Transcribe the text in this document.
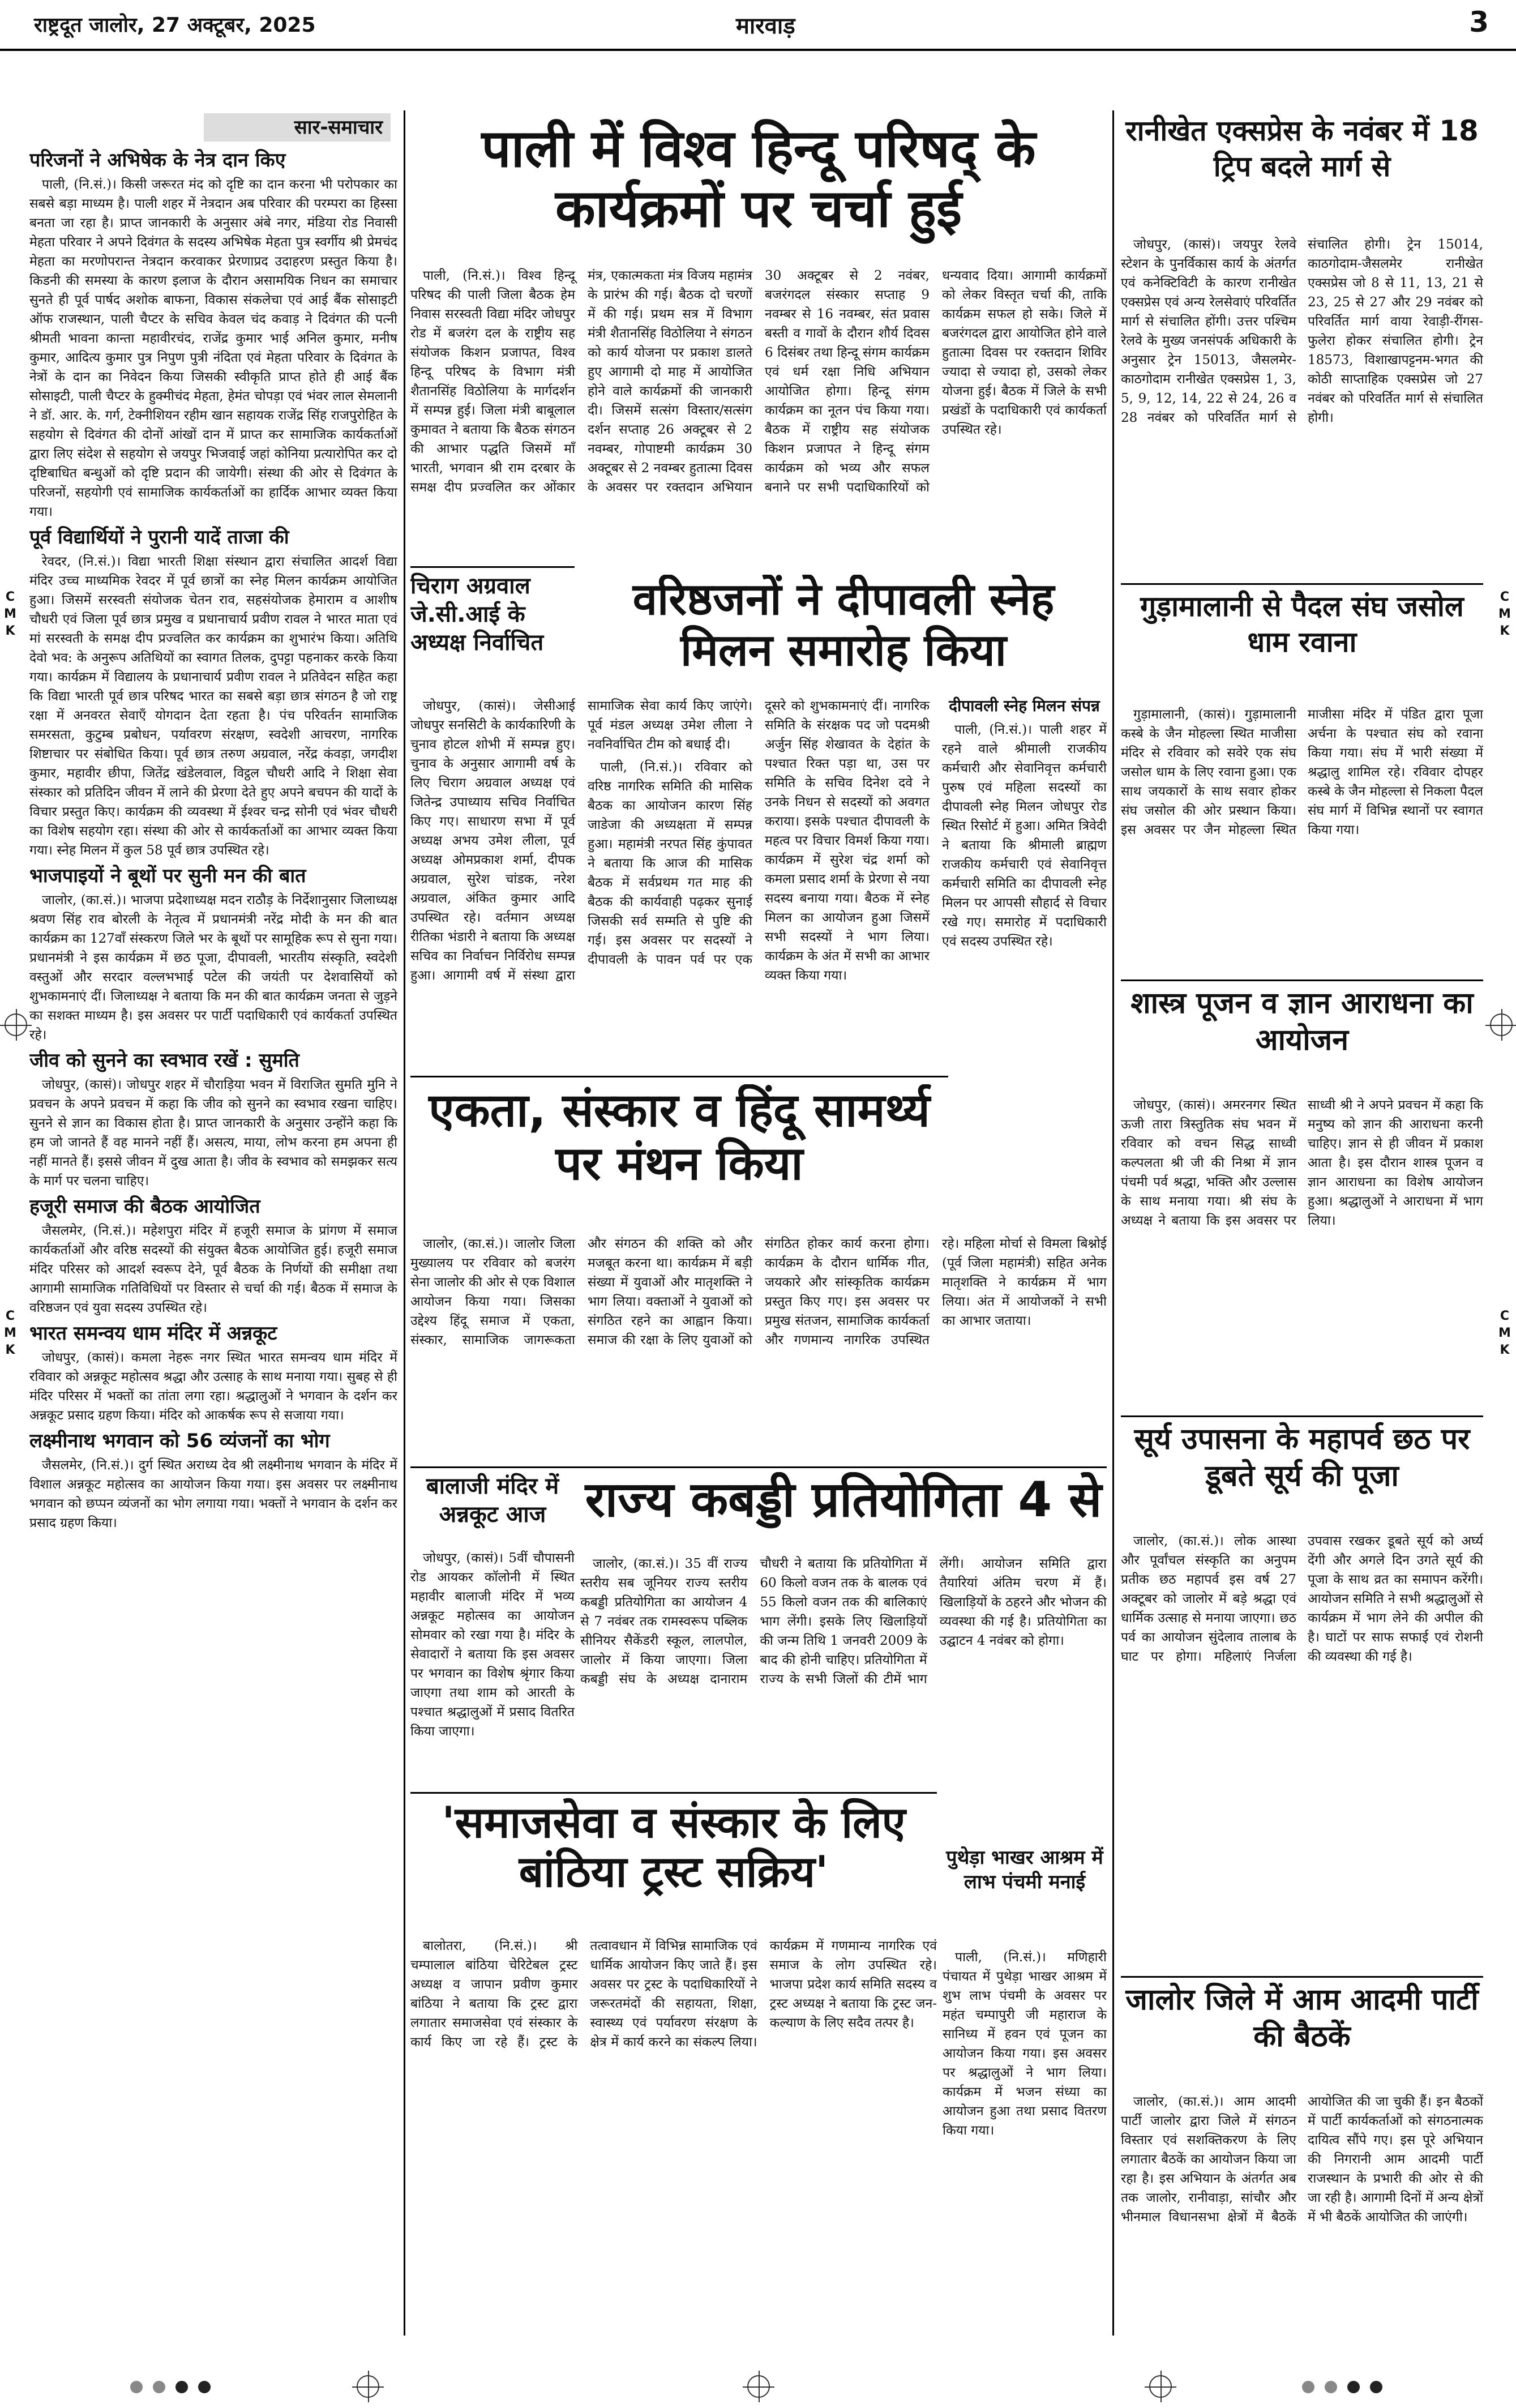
राष्ट्रदूत जालोर, 27 अक्टूबर, 2025	मारवाड़	3
सार-समाचार
परिजनों ने अभिषेक के नेत्र दान किए

पाली, (नि.सं.)। किसी जरूरत मंद को दृष्टि का दान करना भी परोपकार का सबसे बड़ा माध्यम है। पाली शहर में नेत्रदान अब परिवार की परम्परा का हिस्सा बनता जा रहा है। प्राप्त जानकारी के अनुसार अंबे नगर, मंडिया रोड निवासी मेहता परिवार ने अपने दिवंगत के सदस्य अभिषेक मेहता पुत्र स्वर्गीय श्री प्रेमचंद मेहता का मरणोपरान्त नेत्रदान करवाकर प्रेरणाप्रद उदाहरण प्रस्तुत किया है। किडनी की समस्या के कारण इलाज के दौरान असामयिक निधन का समाचार सुनते ही पूर्व पार्षद अशोक बाफना, विकास संकलेचा एवं आई बैंक सोसाइटी ऑफ राजस्थान, पाली चैप्टर के सचिव केवल चंद कवाड़ ने दिवंगत की पत्नी श्रीमती भावना कान्ता महावीरचंद, राजेंद्र कुमार भाई अनिल कुमार, मनीष कुमार, आदित्य कुमार पुत्र निपुण पुत्री नंदिता एवं मेहता परिवार के दिवंगत के नेत्रों के दान का निवेदन किया जिसकी स्वीकृति प्राप्त होते ही आई बैंक सोसाइटी, पाली चैप्टर के हुक्मीचंद मेहता, हेमंत चोपड़ा एवं भंवर लाल सेमलानी ने डॉ. आर. के. गर्ग, टेक्नीशियन रहीम खान सहायक राजेंद्र सिंह राजपुरोहित के सहयोग से दिवंगत की दोनों आंखों दान में प्राप्त कर सामाजिक कार्यकर्ताओं द्वारा लिए संदेश से सहयोग से जयपुर भिजवाई जहां कोनिया प्रत्यारोपित कर दो दृष्टिबाधित बन्धुओं को दृष्टि प्रदान की जायेगी। संस्था की ओर से दिवंगत के परिजनों, सहयोगी एवं सामाजिक कार्यकर्ताओं का हार्दिक आभार व्यक्त किया गया।

पूर्व विद्यार्थियों ने पुरानी यादें ताजा की

रेवदर, (नि.सं.)। विद्या भारती शिक्षा संस्थान द्वारा संचालित आदर्श विद्या मंदिर उच्च माध्यमिक रेवदर में पूर्व छात्रों का स्नेह मिलन कार्यक्रम आयोजित हुआ। जिसमें सरस्वती संयोजक चेतन राव, सहसंयोजक हेमाराम व आशीष चौधरी एवं जिला पूर्व छात्र प्रमुख व प्रधानाचार्य प्रवीण रावल ने भारत माता एवं मां सरस्वती के समक्ष दीप प्रज्वलित कर कार्यक्रम का शुभारंभ किया। अतिथि देवो भव: के अनुरूप अतिथियों का स्वागत तिलक, दुपट्टा पहनाकर करके किया गया। कार्यक्रम में विद्यालय के प्रधानाचार्य प्रवीण रावल ने प्रतिवेदन सहित कहा कि विद्या भारती पूर्व छात्र परिषद भारत का सबसे बड़ा छात्र संगठन है जो राष्ट्र रक्षा में अनवरत सेवाएँ योगदान देता रहता है। पंच परिवर्तन सामाजिक समरसता, कुटुम्ब प्रबोधन, पर्यावरण संरक्षण, स्वदेशी आचरण, नागरिक शिष्टाचार पर संबोधित किया। पूर्व छात्र तरुण अग्रवाल, नरेंद्र कंवड़ा, जगदीश कुमार, महावीर छीपा, जितेंद्र खंडेलवाल, विट्ठल चौधरी आदि ने शिक्षा सेवा संस्कार को प्रतिदिन जीवन में लाने की प्रेरणा देते हुए अपने बचपन की यादों के विचार प्रस्तुत किए। कार्यक्रम की व्यवस्था में ईश्वर चन्द्र सोनी एवं भंवर चौधरी का विशेष सहयोग रहा। संस्था की ओर से कार्यकर्ताओं का आभार व्यक्त किया गया। स्नेह मिलन में कुल 58 पूर्व छात्र उपस्थित रहे।

भाजपाइयों ने बूथों पर सुनी मन की बात

जालोर, (का.सं.)। भाजपा प्रदेशाध्यक्ष मदन राठौड़ के निर्देशानुसार जिलाध्यक्ष श्रवण सिंह राव बोरली के नेतृत्व में प्रधानमंत्री नरेंद्र मोदी के मन की बात कार्यक्रम का 127वाँ संस्करण जिले भर के बूथों पर सामूहिक रूप से सुना गया। प्रधानमंत्री ने इस कार्यक्रम में छठ पूजा, दीपावली, भारतीय संस्कृति, स्वदेशी वस्तुओं और सरदार वल्लभभाई पटेल की जयंती पर देशवासियों को शुभकामनाएं दीं। जिलाध्यक्ष ने बताया कि मन की बात कार्यक्रम जनता से जुड़ने का सशक्त माध्यम है। इस अवसर पर पार्टी पदाधिकारी एवं कार्यकर्ता उपस्थित रहे।

जीव को सुनने का स्वभाव रखें : सुमति

जोधपुर, (कासं)। जोधपुर शहर में चौराड़िया भवन में विराजित सुमति मुनि ने प्रवचन के अपने प्रवचन में कहा कि जीव को सुनने का स्वभाव रखना चाहिए। सुनने से ज्ञान का विकास होता है। प्राप्त जानकारी के अनुसार उन्होंने कहा कि हम जो जानते हैं वह मानने नहीं हैं। असत्य, माया, लोभ करना हम अपना ही नहीं मानते हैं। इससे जीवन में दुख आता है। जीव के स्वभाव को समझकर सत्य के मार्ग पर चलना चाहिए।

हजूरी समाज की बैठक आयोजित

जैसलमेर, (नि.सं.)। महेशपुरा मंदिर में हजूरी समाज के प्रांगण में समाज कार्यकर्ताओं और वरिष्ठ सदस्यों की संयुक्त बैठक आयोजित हुई। हजूरी समाज मंदिर परिसर को आदर्श स्वरूप देने, पूर्व बैठक के निर्णयों की समीक्षा तथा आगामी सामाजिक गतिविधियों पर विस्तार से चर्चा की गई। बैठक में समाज के वरिष्ठजन एवं युवा सदस्य उपस्थित रहे।

भारत समन्वय धाम मंदिर में अन्नकूट

जोधपुर, (कासं)। कमला नेहरू नगर स्थित भारत समन्वय धाम मंदिर में रविवार को अन्नकूट महोत्सव श्रद्धा और उत्साह के साथ मनाया गया। सुबह से ही मंदिर परिसर में भक्तों का तांता लगा रहा। श्रद्धालुओं ने भगवान के दर्शन कर अन्नकूट प्रसाद ग्रहण किया। मंदिर को आकर्षक रूप से सजाया गया।

लक्ष्मीनाथ भगवान को 56 व्यंजनों का भोग

जैसलमेर, (नि.सं.)। दुर्ग स्थित अराध्य देव श्री लक्ष्मीनाथ भगवान के मंदिर में विशाल अन्नकूट महोत्सव का आयोजन किया गया। इस अवसर पर लक्ष्मीनाथ भगवान को छप्पन व्यंजनों का भोग लगाया गया। भक्तों ने भगवान के दर्शन कर प्रसाद ग्रहण किया।

पाली में विश्व हिन्दू परिषद् के कार्यक्रमों पर चर्चा हुई

पाली, (नि.सं.)। विश्व हिन्दू परिषद की पाली जिला बैठक हेम निवास सरस्वती विद्या मंदिर जोधपुर रोड में बजरंग दल के राष्ट्रीय सह संयोजक किशन प्रजापत, विश्व हिन्दू परिषद के विभाग मंत्री शैतानसिंह विठोलिया के मार्गदर्शन में सम्पन्न हुई। जिला मंत्री बाबूलाल कुमावत ने बताया कि बैठक संगठन की आभार पद्धति जिसमें माँ भारती, भगवान श्री राम दरबार के समक्ष दीप प्रज्वलित कर ओंकार मंत्र, एकात्मकता मंत्र विजय महामंत्र के प्रारंभ की गई। बैठक दो चरणों में की गई। प्रथम सत्र में विभाग मंत्री शैतानसिंह विठोलिया ने संगठन को कार्य योजना पर प्रकाश डालते हुए आगामी दो माह में आयोजित होने वाले कार्यक्रमों की जानकारी दी। जिसमें सत्संग विस्तार/सत्संग दर्शन सप्ताह 26 अक्टूबर से 2 नवम्बर, गोपाष्टमी कार्यक्रम 30 अक्टूबर से 2 नवम्बर हुतात्मा दिवस के अवसर पर रक्तदान अभियान 30 अक्टूबर से 2 नवंबर, बजरंगदल संस्कार सप्ताह 9 नवम्बर से 16 नवम्बर, संत प्रवास बस्ती व गावों के दौरान शौर्य दिवस 6 दिसंबर तथा हिन्दू संगम कार्यक्रम एवं धर्म रक्षा निधि अभियान आयोजित होगा। हिन्दू संगम कार्यक्रम का नूतन पंच किया गया। बैठक में राष्ट्रीय सह संयोजक किशन प्रजापत ने हिन्दू संगम कार्यक्रम को भव्य और सफल बनाने पर सभी पदाधिकारियों को धन्यवाद दिया। आगामी कार्यक्रमों को लेकर विस्तृत चर्चा की, ताकि कार्यक्रम सफल हो सके। जिले में बजरंगदल द्वारा आयोजित होने वाले हुतात्मा दिवस पर रक्तदान शिविर ज्यादा से ज्यादा हो, उसको लेकर योजना हुई। बैठक में जिले के सभी प्रखंडों के पदाधिकारी एवं कार्यकर्ता उपस्थित रहे।

चिराग अग्रवाल जे.सी.आई के अध्यक्ष निर्वाचित
वरिष्ठजनों ने दीपावली स्नेह मिलन समारोह किया

जोधपुर, (कासं)। जेसीआई जोधपुर सनसिटी के कार्यकारिणी के चुनाव होटल शोभी में सम्पन्न हुए। चुनाव के अनुसार आगामी वर्ष के लिए चिराग अग्रवाल अध्यक्ष एवं जितेन्द्र उपाध्याय सचिव निर्वाचित किए गए। साधारण सभा में पूर्व अध्यक्ष अभय उमेश लीला, पूर्व अध्यक्ष ओमप्रकाश शर्मा, दीपक अग्रवाल, सुरेश चांडक, नरेश अग्रवाल, अंकित कुमार आदि उपस्थित रहे। वर्तमान अध्यक्ष रीतिका भंडारी ने बताया कि अध्यक्ष सचिव का निर्वाचन निर्विरोध सम्पन्न हुआ। आगामी वर्ष में संस्था द्वारा सामाजिक सेवा कार्य किए जाएंगे। पूर्व मंडल अध्यक्ष उमेश लीला ने नवनिर्वाचित टीम को बधाई दी।

पाली, (नि.सं.)। रविवार को वरिष्ठ नागरिक समिति की मासिक बैठक का आयोजन कारण सिंह जाडेजा की अध्यक्षता में सम्पन्न हुआ। महामंत्री नरपत सिंह कुंपावत ने बताया कि आज की मासिक बैठक में सर्वप्रथम गत माह की बैठक की कार्यवाही पढ़कर सुनाई जिसकी सर्व सम्मति से पुष्टि की गई। इस अवसर पर सदस्यों ने दीपावली के पावन पर्व पर एक दूसरे को शुभकामनाएं दीं। नागरिक समिति के संरक्षक पद जो पदमश्री अर्जुन सिंह शेखावत के देहांत के पश्चात रिक्त पड़ा था, उस पर समिति के सचिव दिनेश दवे ने उनके निधन से सदस्यों को अवगत कराया। इसके पश्चात दीपावली के महत्व पर विचार विमर्श किया गया। कार्यक्रम में सुरेश चंद्र शर्मा को कमला प्रसाद शर्मा के प्रेरणा से नया सदस्य बनाया गया। बैठक में स्नेह मिलन का आयोजन हुआ जिसमें सभी सदस्यों ने भाग लिया। कार्यक्रम के अंत में सभी का आभार व्यक्त किया गया।

दीपावली स्नेह मिलन संपन्न

पाली, (नि.सं.)। पाली शहर में रहने वाले श्रीमाली राजकीय कर्मचारी और सेवानिवृत्त कर्मचारी पुरुष एवं महिला सदस्यों का दीपावली स्नेह मिलन जोधपुर रोड स्थित रिसोर्ट में हुआ। अमित त्रिवेदी ने बताया कि श्रीमाली ब्राह्मण राजकीय कर्मचारी एवं सेवानिवृत्त कर्मचारी समिति का दीपावली स्नेह मिलन पर आपसी सौहार्द से विचार रखे गए। समारोह में पदाधिकारी एवं सदस्य उपस्थित रहे।

एकता, संस्कार व हिंदू सामर्थ्य पर मंथन किया

जालोर, (का.सं.)। जालोर जिला मुख्यालय पर रविवार को बजरंग सेना जालोर की ओर से एक विशाल आयोजन किया गया। जिसका उद्देश्य हिंदू समाज में एकता, संस्कार, सामाजिक जागरूकता और संगठन की शक्ति को और मजबूत करना था। कार्यक्रम में बड़ी संख्या में युवाओं और मातृशक्ति ने भाग लिया। वक्ताओं ने युवाओं को संगठित रहने का आह्वान किया। समाज की रक्षा के लिए युवाओं को संगठित होकर कार्य करना होगा। कार्यक्रम के दौरान धार्मिक गीत, जयकारे और सांस्कृतिक कार्यक्रम प्रस्तुत किए गए। इस अवसर पर प्रमुख संतजन, सामाजिक कार्यकर्ता और गणमान्य नागरिक उपस्थित रहे। महिला मोर्चा से विमला बिश्नोई (पूर्व जिला महामंत्री) सहित अनेक मातृशक्ति ने कार्यक्रम में भाग लिया। अंत में आयोजकों ने सभी का आभार जताया।

बालाजी मंदिर में अन्नकूट आज

जोधपुर, (कासं)। 5वीं चौपासनी रोड आयकर कॉलोनी में स्थित महावीर बालाजी मंदिर में भव्य अन्नकूट महोत्सव का आयोजन सोमवार को रखा गया है। मंदिर के सेवादारों ने बताया कि इस अवसर पर भगवान का विशेष श्रृंगार किया जाएगा तथा शाम को आरती के पश्चात श्रद्धालुओं में प्रसाद वितरित किया जाएगा।

राज्य कबड्डी प्रतियोगिता 4 से

जालोर, (का.सं.)। 35 वीं राज्य स्तरीय सब जूनियर राज्य स्तरीय कबड्डी प्रतियोगिता का आयोजन 4 से 7 नवंबर तक रामस्वरूप पब्लिक सीनियर सैकेंडरी स्कूल, लालपोल, जालोर में किया जाएगा। जिला कबड्डी संघ के अध्यक्ष दानाराम चौधरी ने बताया कि प्रतियोगिता में 60 किलो वजन तक के बालक एवं 55 किलो वजन तक की बालिकाएं भाग लेंगी। इसके लिए खिलाड़ियों की जन्म तिथि 1 जनवरी 2009 के बाद की होनी चाहिए। प्रतियोगिता में राज्य के सभी जिलों की टीमें भाग लेंगी। आयोजन समिति द्वारा तैयारियां अंतिम चरण में हैं। खिलाड़ियों के ठहरने और भोजन की व्यवस्था की गई है। प्रतियोगिता का उद्घाटन 4 नवंबर को होगा।

'समाजसेवा व संस्कार के लिए बांठिया ट्रस्ट सक्रिय'

बालोतरा, (नि.सं.)। श्री चम्पालाल बांठिया चेरिटेबल ट्रस्ट अध्यक्ष व जापान प्रवीण कुमार बांठिया ने बताया कि ट्रस्ट द्वारा लगातार समाजसेवा एवं संस्कार के कार्य किए जा रहे हैं। ट्रस्ट के तत्वावधान में विभिन्न सामाजिक एवं धार्मिक आयोजन किए जाते हैं। इस अवसर पर ट्रस्ट के पदाधिकारियों ने जरूरतमंदों की सहायता, शिक्षा, स्वास्थ्य एवं पर्यावरण संरक्षण के क्षेत्र में कार्य करने का संकल्प लिया। कार्यक्रम में गणमान्य नागरिक एवं समाज के लोग उपस्थित रहे। भाजपा प्रदेश कार्य समिति सदस्य व ट्रस्ट अध्यक्ष ने बताया कि ट्रस्ट जन-कल्याण के लिए सदैव तत्पर है।

पुथेड़ा भाखर आश्रम में लाभ पंचमी मनाई

पाली, (नि.सं.)। मणिहारी पंचायत में पुथेड़ा भाखर आश्रम में शुभ लाभ पंचमी के अवसर पर महंत चम्पापुरी जी महाराज के सानिध्य में हवन एवं पूजन का आयोजन किया गया। इस अवसर पर श्रद्धालुओं ने भाग लिया। कार्यक्रम में भजन संध्या का आयोजन हुआ तथा प्रसाद वितरण किया गया।

रानीखेत एक्सप्रेस के नवंबर में 18 ट्रिप बदले मार्ग से

जोधपुर, (कासं)। जयपुर रेलवे स्टेशन के पुनर्विकास कार्य के अंतर्गत एवं कनेक्टिविटी के कारण रानीखेत एक्सप्रेस एवं अन्य रेलसेवाएं परिवर्तित मार्ग से संचालित होंगी। उत्तर पश्चिम रेलवे के मुख्य जनसंपर्क अधिकारी के अनुसार ट्रेन 15013, जैसलमेर-काठगोदाम रानीखेत एक्सप्रेस 1, 3, 5, 9, 12, 14, 22 से 24, 26 व 28 नवंबर को परिवर्तित मार्ग से संचालित होगी। ट्रेन 15014, काठगोदाम-जैसलमेर रानीखेत एक्सप्रेस जो 8 से 11, 13, 21 से 23, 25 से 27 और 29 नवंबर को परिवर्तित मार्ग वाया रेवाड़ी-रींगस-फुलेरा होकर संचालित होगी। ट्रेन 18573, विशाखापट्टनम-भगत की कोठी साप्ताहिक एक्सप्रेस जो 27 नवंबर को परिवर्तित मार्ग से संचालित होगी।

गुड़ामालानी से पैदल संघ जसोल धाम रवाना

गुड़ामालानी, (कासं)। गुड़ामालानी कस्बे के जैन मोहल्ला स्थित माजीसा मंदिर से रविवार को सवेरे एक संघ जसोल धाम के लिए रवाना हुआ। एक साथ जयकारों के साथ सवार होकर संघ जसोल की ओर प्रस्थान किया। इस अवसर पर जैन मोहल्ला स्थित माजीसा मंदिर में पंडित द्वारा पूजा अर्चना के पश्चात संघ को रवाना किया गया। संघ में भारी संख्या में श्रद्धालु शामिल रहे। रविवार दोपहर कस्बे के जैन मोहल्ला से निकला पैदल संघ मार्ग में विभिन्न स्थानों पर स्वागत किया गया।

शास्त्र पूजन व ज्ञान आराधना का आयोजन

जोधपुर, (कासं)। अमरनगर स्थित ऊजी तारा त्रिस्तुतिक संघ भवन में रविवार को वचन सिद्ध साध्वी कल्पलता श्री जी की निश्रा में ज्ञान पंचमी पर्व श्रद्धा, भक्ति और उल्लास के साथ मनाया गया। श्री संघ के अध्यक्ष ने बताया कि इस अवसर पर साध्वी श्री ने अपने प्रवचन में कहा कि मनुष्य को ज्ञान की आराधना करनी चाहिए। ज्ञान से ही जीवन में प्रकाश आता है। इस दौरान शास्त्र पूजन व ज्ञान आराधना का विशेष आयोजन हुआ। श्रद्धालुओं ने आराधना में भाग लिया।

सूर्य उपासना के महापर्व छठ पर डूबते सूर्य की पूजा

जालोर, (का.सं.)। लोक आस्था और पूर्वांचल संस्कृति का अनुपम प्रतीक छठ महापर्व इस वर्ष 27 अक्टूबर को जालोर में बड़े श्रद्धा एवं धार्मिक उत्साह से मनाया जाएगा। छठ पर्व का आयोजन सुंदेलाव तालाब के घाट पर होगा। महिलाएं निर्जला उपवास रखकर डूबते सूर्य को अर्घ्य देंगी और अगले दिन उगते सूर्य की पूजा के साथ व्रत का समापन करेंगी। आयोजन समिति ने सभी श्रद्धालुओं से कार्यक्रम में भाग लेने की अपील की है। घाटों पर साफ सफाई एवं रोशनी की व्यवस्था की गई है।

जालोर जिले में आम आदमी पार्टी की बैठकें

जालोर, (का.सं.)। आम आदमी पार्टी जालोर द्वारा जिले में संगठन विस्तार एवं सशक्तिकरण के लिए लगातार बैठकें का आयोजन किया जा रहा है। इस अभियान के अंतर्गत अब तक जालोर, रानीवाड़ा, सांचौर और भीनमाल विधानसभा क्षेत्रों में बैठकें आयोजित की जा चुकी हैं। इन बैठकों में पार्टी कार्यकर्ताओं को संगठनात्मक दायित्व सौंपे गए। इस पूरे अभियान की निगरानी आम आदमी पार्टी राजस्थान के प्रभारी की ओर से की जा रही है। आगामी दिनों में अन्य क्षेत्रों में भी बैठकें आयोजित की जाएंगी।

C M K
C M K
C M K
C M K
